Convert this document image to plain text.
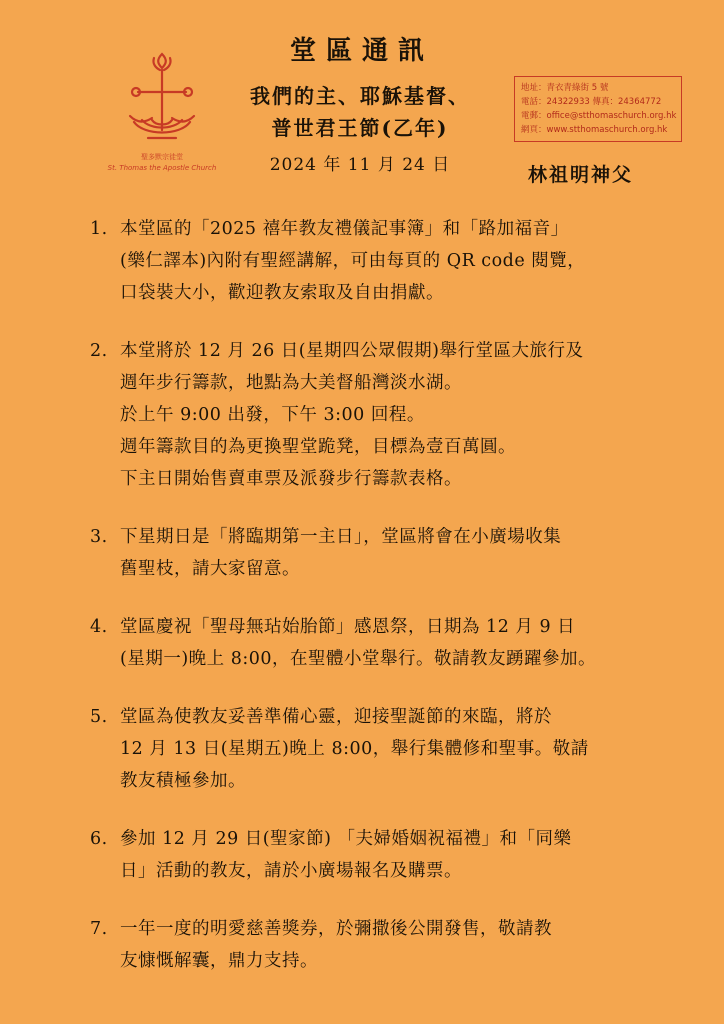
堂區通訊
聖多默宗徒堂
St. Thomas the Apostle Church
我們的主、耶穌基督、
普世君王節(乙年)
2024 年 11 月 24 日
地址：青衣青綠街 5 號
電話：24322933 傳真：24364772
電郵：office@stthomaschurch.org.hk
網頁：www.stthomaschurch.org.hk
林祖明神父
1. 本堂區的「2025 禧年教友禮儀記事簿」和「路加福音」
(樂仁譯本)內附有聖經講解，可由每頁的 QR code 閱覽，
口袋裝大小，歡迎教友索取及自由捐獻。
2. 本堂將於 12 月 26 日(星期四公眾假期)舉行堂區大旅行及
週年步行籌款，地點為大美督船灣淡水湖。
於上午 9:00 出發，下午 3:00 回程。
週年籌款目的為更換聖堂跪凳，目標為壹百萬圓。
下主日開始售賣車票及派發步行籌款表格。
3. 下星期日是「將臨期第一主日」，堂區將會在小廣場收集
舊聖枝，請大家留意。
4. 堂區慶祝「聖母無玷始胎節」感恩祭，日期為 12 月 9 日
(星期一)晚上 8:00，在聖體小堂舉行。敬請教友踴躍參加。
5. 堂區為使教友妥善準備心靈，迎接聖誕節的來臨，將於
12 月 13 日(星期五)晚上 8:00，舉行集體修和聖事。敬請
教友積極參加。
6. 參加 12 月 29 日(聖家節) 「夫婦婚姻祝福禮」和「同樂
日」活動的教友，請於小廣場報名及購票。
7. 一年一度的明愛慈善獎券，於彌撒後公開發售，敬請教
友慷慨解囊，鼎力支持。
